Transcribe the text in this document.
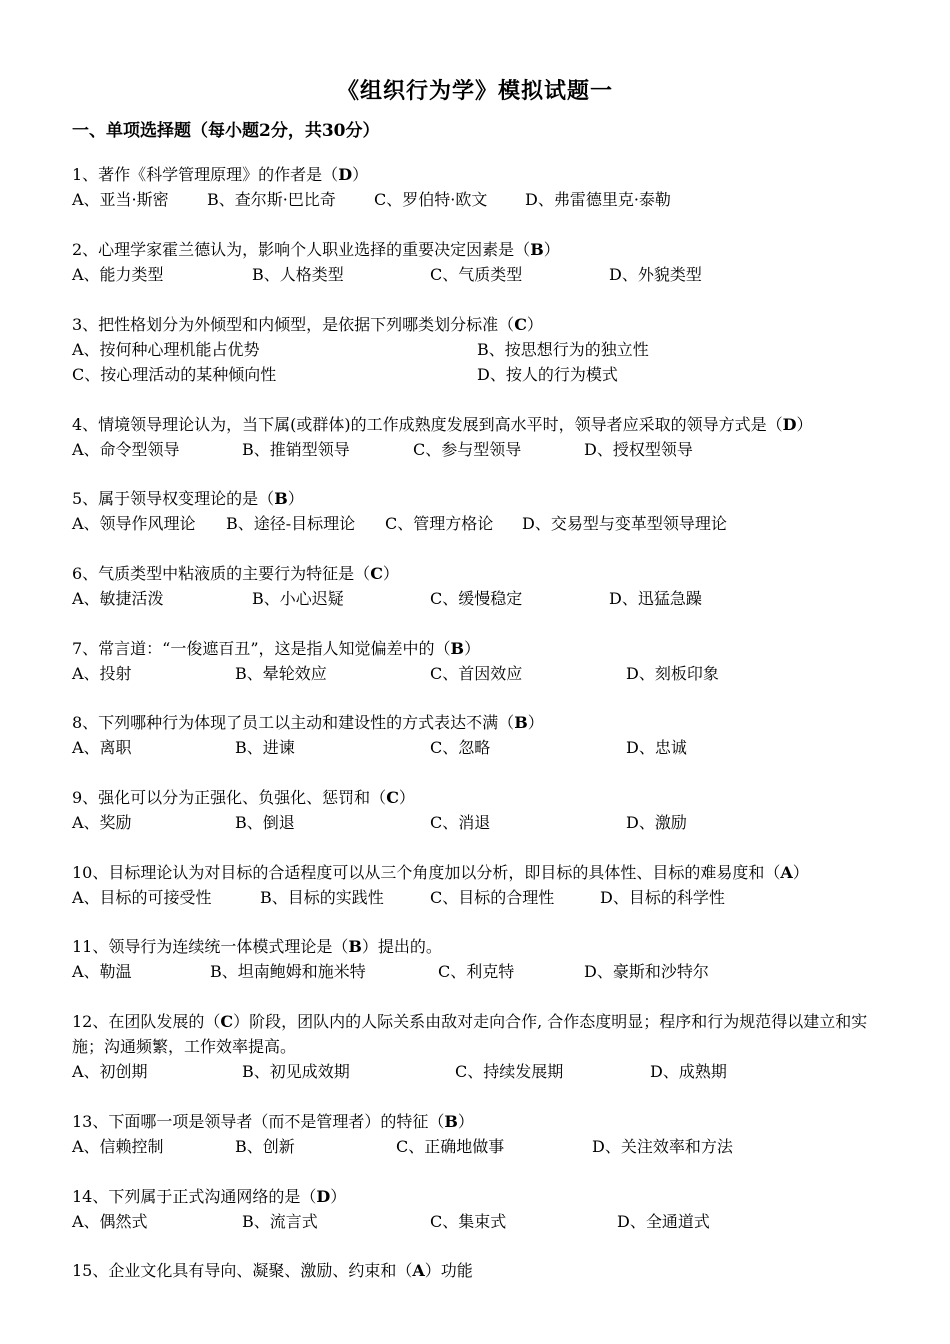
《组织行为学》模拟试题一
一、单项选择题（每小题2分，共30分）
1、著作《科学管理原理》的作者是（D）
A、亚当·斯密 B、查尔斯·巴比奇 C、罗伯特·欧文 D、弗雷德里克·泰勒
2、心理学家霍兰德认为，影响个人职业选择的重要决定因素是（B）
A、能力类型	B、人格类型	C、气质类型	D、外貌类型
3、把性格划分为外倾型和内倾型，是依据下列哪类划分标准（C）
A、按何种心理机能占优势	B、按思想行为的独立性
C、按心理活动的某种倾向性	D、按人的行为模式
4、情境领导理论认为，当下属(或群体)的工作成熟度发展到高水平时，领导者应采取的领导方式是（D）
A、命令型领导	B、推销型领导	C、参与型领导	D、授权型领导
5、属于领导权变理论的是（B）
A、领导作风理论 B、途径-目标理论 C、管理方格论 D、交易型与变革型领导理论
6、气质类型中粘液质的主要行为特征是（C）
A、敏捷活泼	B、小心迟疑	C、缓慢稳定	D、迅猛急躁
7、常言道：“一俊遮百丑”，这是指人知觉偏差中的（B）
A、投射	B、晕轮效应	C、首因效应	D、刻板印象
8、下列哪种行为体现了员工以主动和建设性的方式表达不满（B）
A、离职	B、进谏	C、忽略	D、忠诚
9、强化可以分为正强化、负强化、惩罚和（C）
A、奖励	B、倒退	C、消退	D、激励
10、目标理论认为对目标的合适程度可以从三个角度加以分析，即目标的具体性、目标的难易度和（A）
A、目标的可接受性	B、目标的实践性	C、目标的合理性	D、目标的科学性
11、领导行为连续统一体模式理论是（B）提出的。
A、勒温	B、坦南鲍姆和施米特	C、利克特	D、豪斯和沙特尔
12、在团队发展的（C）阶段，团队内的人际关系由敌对走向合作, 合作态度明显；程序和行为规范得以建立和实施；沟通频繁，工作效率提高。
A、初创期	B、初见成效期	C、持续发展期	D、成熟期
13、下面哪一项是领导者（而不是管理者）的特征（B）
A、信赖控制	B、创新	C、正确地做事	D、关注效率和方法
14、下列属于正式沟通网络的是（D）
A、偶然式	B、流言式	C、集束式	D、全通道式
15、企业文化具有导向、凝聚、激励、约束和（A）功能
